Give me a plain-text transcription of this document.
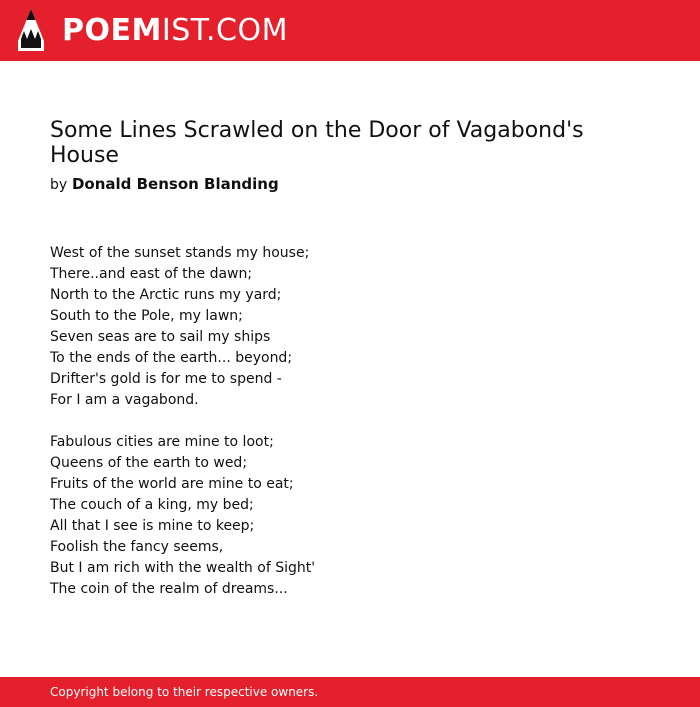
POEMIST.COM
Some Lines Scrawled on the Door of Vagabond's House
by Donald Benson Blanding
West of the sunset stands my house;
There..and east of the dawn;
North to the Arctic runs my yard;
South to the Pole, my lawn;
Seven seas are to sail my ships
To the ends of the earth... beyond;
Drifter's gold is for me to spend -
For I am a vagabond.
Fabulous cities are mine to loot;
Queens of the earth to wed;
Fruits of the world are mine to eat;
The couch of a king, my bed;
All that I see is mine to keep;
Foolish the fancy seems,
But I am rich with the wealth of Sight'
The coin of the realm of dreams...
Copyright belong to their respective owners.
